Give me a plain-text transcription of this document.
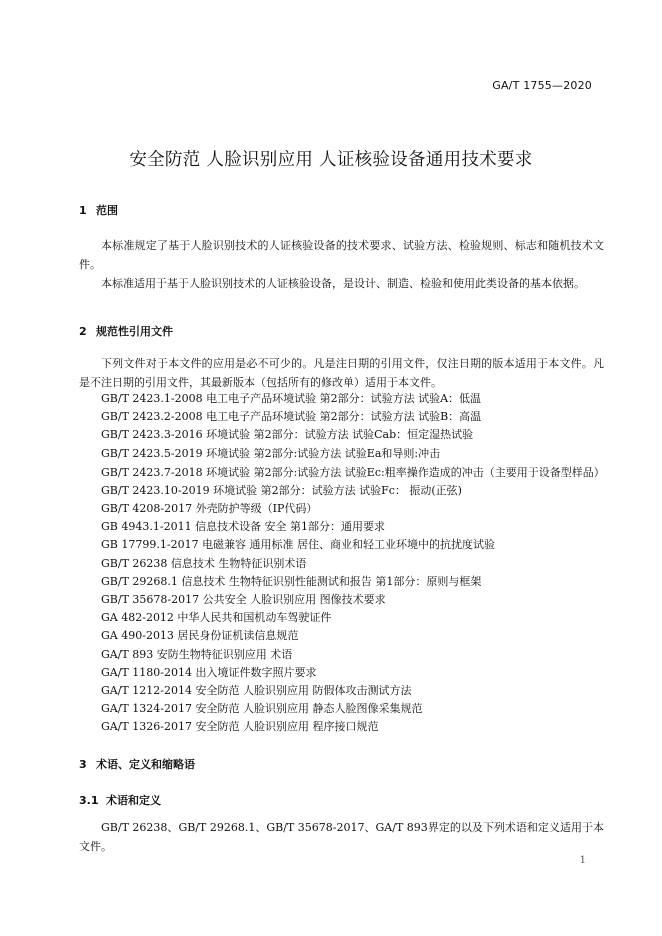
GA/T 1755—2020
安全防范 人脸识别应用 人证核验设备通用技术要求
1 范围

本标准规定了基于人脸识别技术的人证核验设备的技术要求、试验方法、检验规则、标志和随机技术文件。

本标准适用于基于人脸识别技术的人证核验设备，是设计、制造、检验和使用此类设备的基本依据。

2 规范性引用文件

下列文件对于本文件的应用是必不可少的。凡是注日期的引用文件，仅注日期的版本适用于本文件。凡是不注日期的引用文件，其最新版本（包括所有的修改单）适用于本文件。

GB/T 2423.1-2008 电工电子产品环境试验 第2部分：试验方法 试验A：低温
GB/T 2423.2-2008 电工电子产品环境试验 第2部分：试验方法 试验B：高温
GB/T 2423.3-2016 环境试验 第2部分：试验方法 试验Cab：恒定湿热试验
GB/T 2423.5-2019 环境试验 第2部分:试验方法 试验Ea和导则:冲击
GB/T 2423.7-2018 环境试验 第2部分:试验方法 试验Ec:粗率操作造成的冲击（主要用于设备型样品）
GB/T 2423.10-2019 环境试验 第2部分：试验方法 试验Fc： 振动(正弦)
GB/T 4208-2017 外壳防护等级（IP代码）
GB 4943.1-2011 信息技术设备 安全 第1部分：通用要求
GB 17799.1-2017 电磁兼容 通用标准 居住、商业和轻工业环境中的抗扰度试验
GB/T 26238 信息技术 生物特征识别术语
GB/T 29268.1 信息技术 生物特征识别性能测试和报告 第1部分：原则与框架
GB/T 35678-2017 公共安全 人脸识别应用 图像技术要求
GA 482-2012 中华人民共和国机动车驾驶证件
GA 490-2013 居民身份证机读信息规范
GA/T 893 安防生物特征识别应用 术语
GA/T 1180-2014 出入境证件数字照片要求
GA/T 1212-2014 安全防范 人脸识别应用 防假体攻击测试方法
GA/T 1324-2017 安全防范 人脸识别应用 静态人脸图像采集规范
GA/T 1326-2017 安全防范 人脸识别应用 程序接口规范
3 术语、定义和缩略语
3.1 术语和定义

GB/T 26238、GB/T 29268.1、GB/T 35678-2017、GA/T 893界定的以及下列术语和定义适用于本文件。

1
